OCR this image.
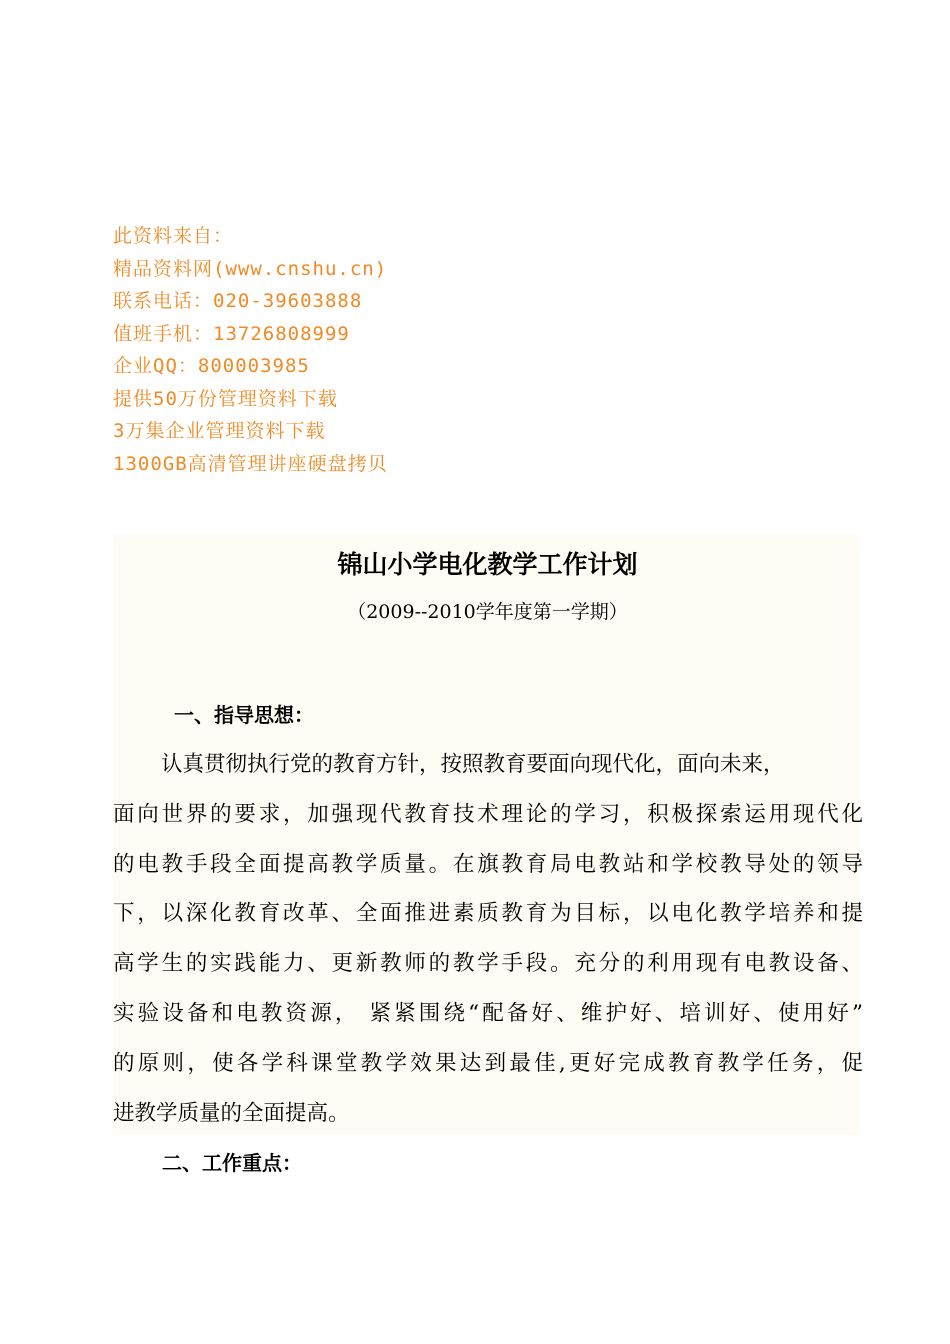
此资料来自：
精品资料网(www.cnshu.cn)
联系电话：020-39603888
值班手机：13726808999
企业QQ：800003985
提供50万份管理资料下载
3万集企业管理资料下载
1300GB高清管理讲座硬盘拷贝
锦山小学电化教学工作计划
（2009--2010学年度第一学期）
一、指导思想：
认真贯彻执行党的教育方针，按照教育要面向现代化，面向未来，
面向世界的要求，加强现代教育技术理论的学习，积极探索运用现代化
的电教手段全面提高教学质量。在旗教育局电教站和学校教导处的领导
下，以深化教育改革、全面推进素质教育为目标，以电化教学培养和提
高学生的实践能力、更新教师的教学手段。充分的利用现有电教设备、
实验设备和电教资源， 紧紧围绕“配备好、维护好、培训好、使用好”
的原则，使各学科课堂教学效果达到最佳,更好完成教育教学任务，促
进教学质量的全面提高。
二、工作重点：
